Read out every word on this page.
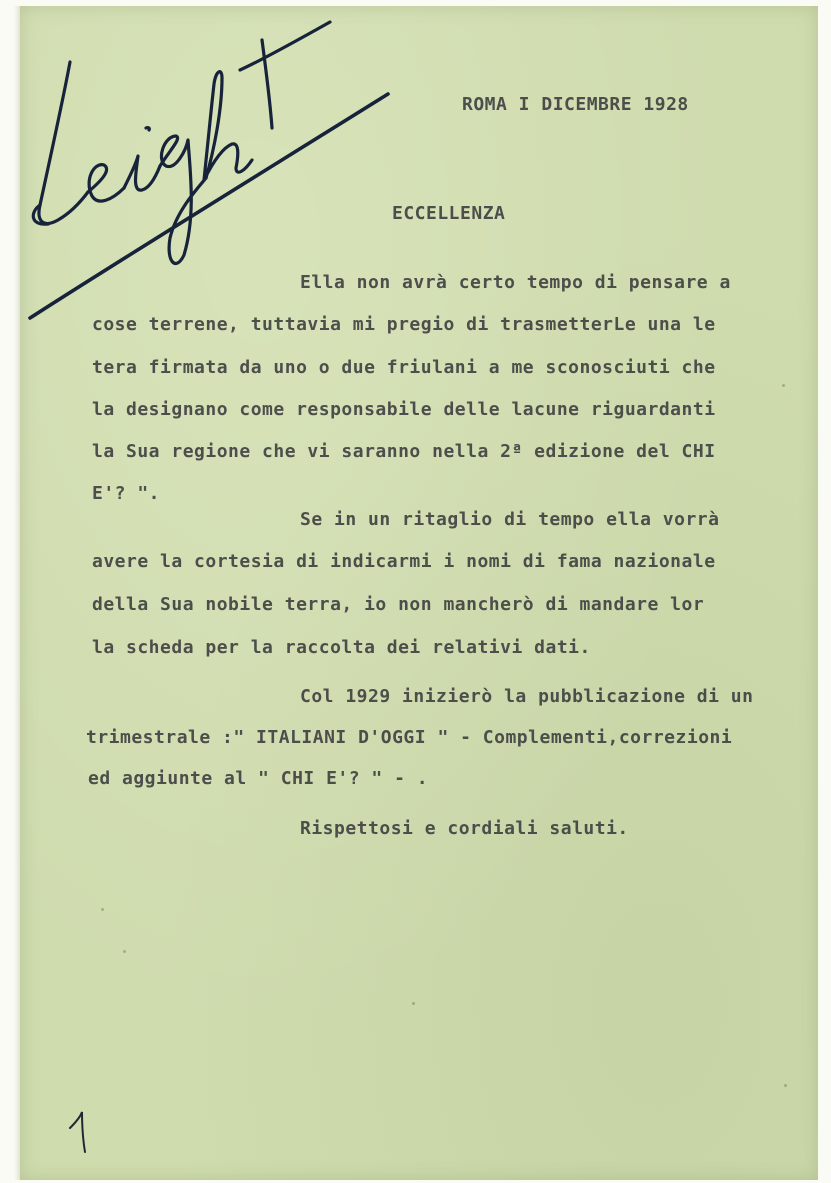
ROMA I DICEMBRE 1928
ECCELLENZA
Ella non avrà certo tempo di pensare a
cose terrene, tuttavia mi pregio di trasmetterLe una le
tera firmata da uno o due friulani a me sconosciuti che
la designano come responsabile delle lacune riguardanti
la Sua regione che vi saranno nella 2ª edizione del CHI
E'? ".
Se in un ritaglio di tempo ella vorrà
avere la cortesia di indicarmi i nomi di fama nazionale
della Sua nobile terra, io non mancherò di mandare lor
la scheda per la raccolta dei relativi dati.
Col 1929 inizierò la pubblicazione di un
trimestrale :" ITALIANI D'OGGI " - Complementi,correzioni
ed aggiunte al " CHI E'? " - .
Rispettosi e cordiali saluti.
